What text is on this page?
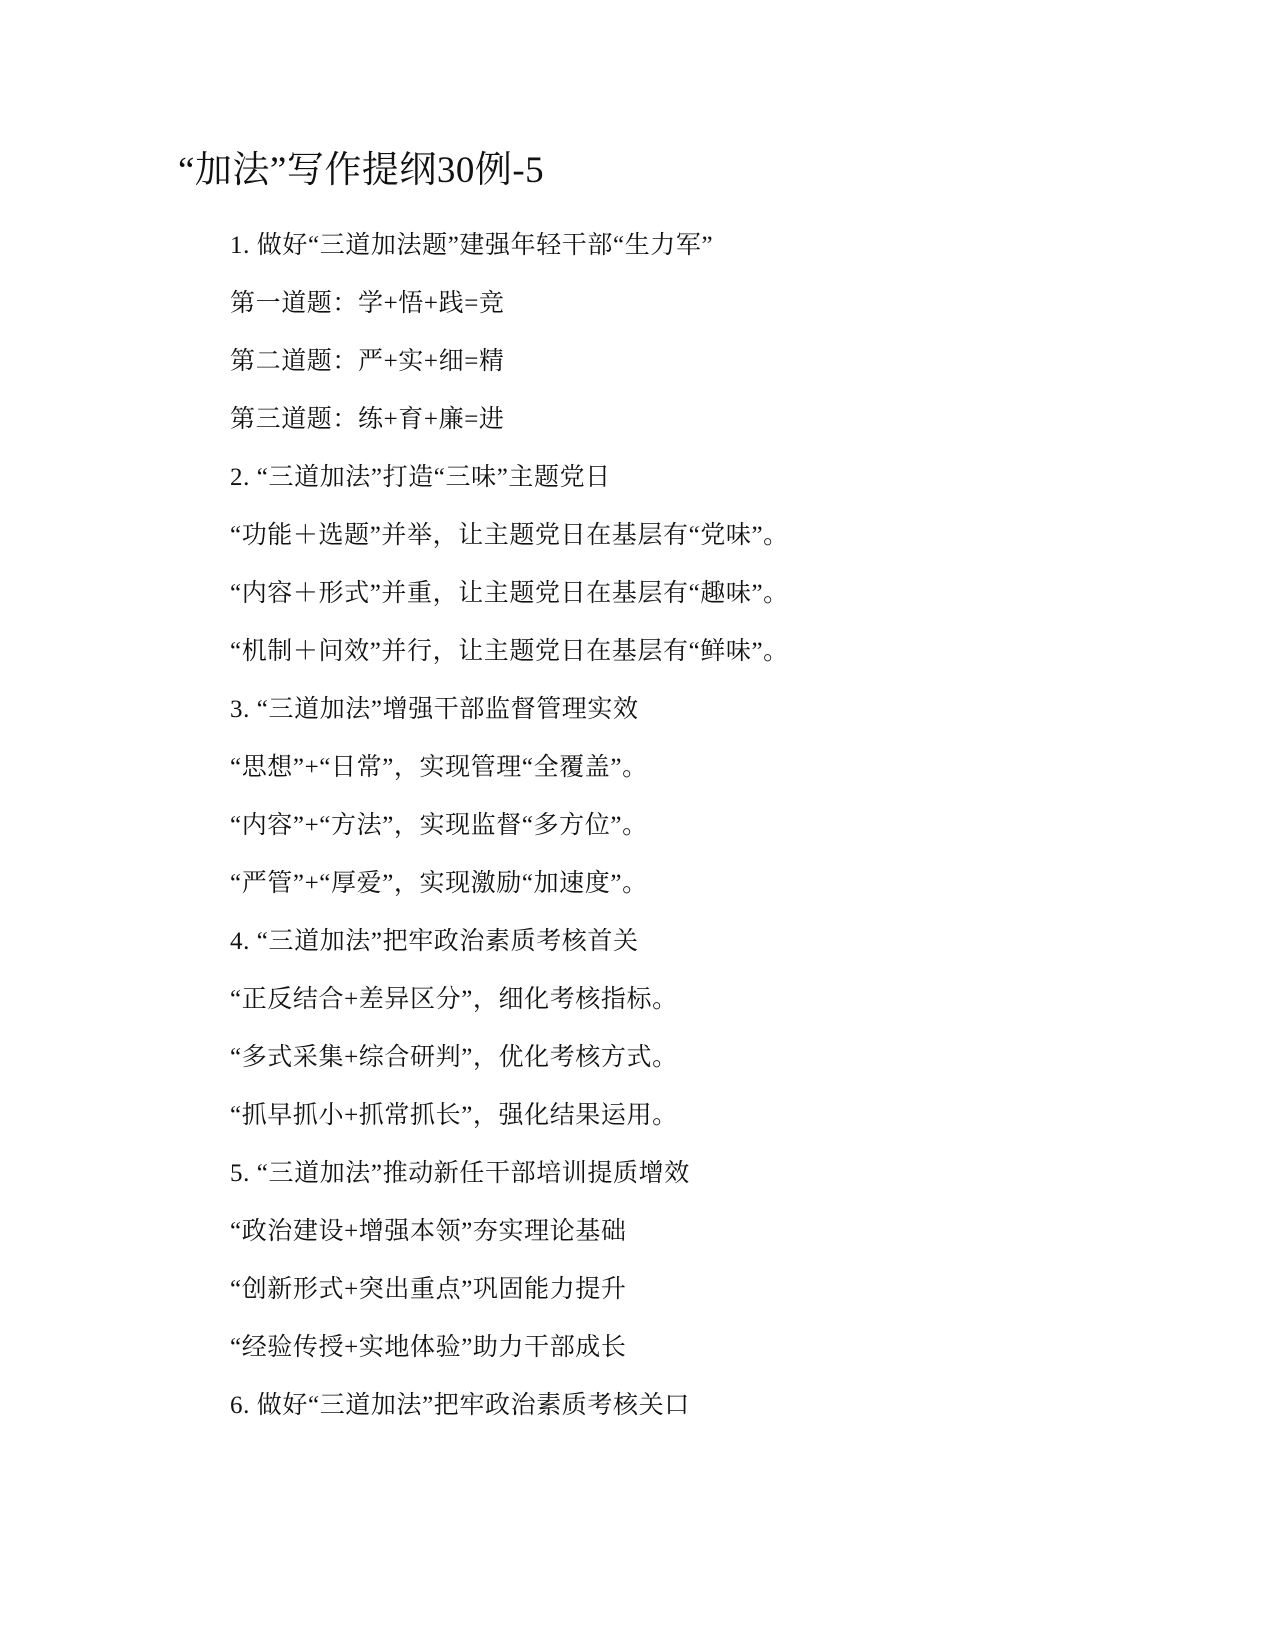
“加法”写作提纲30例-5
1. 做好“三道加法题”建强年轻干部“生力军”
第一道题：学+悟+践=竞
第二道题：严+实+细=精
第三道题：练+育+廉=进
2. “三道加法”打造“三味”主题党日
“功能＋选题”并举，让主题党日在基层有“党味”。
“内容＋形式”并重，让主题党日在基层有“趣味”。
“机制＋问效”并行，让主题党日在基层有“鲜味”。
3. “三道加法”增强干部监督管理实效
“思想”+“日常”，实现管理“全覆盖”。
“内容”+“方法”，实现监督“多方位”。
“严管”+“厚爱”，实现激励“加速度”。
4. “三道加法”把牢政治素质考核首关
“正反结合+差异区分”，细化考核指标。
“多式采集+综合研判”，优化考核方式。
“抓早抓小+抓常抓长”，强化结果运用。
5. “三道加法”推动新任干部培训提质增效
“政治建设+增强本领”夯实理论基础
“创新形式+突出重点”巩固能力提升
“经验传授+实地体验”助力干部成长
6. 做好“三道加法”把牢政治素质考核关口
